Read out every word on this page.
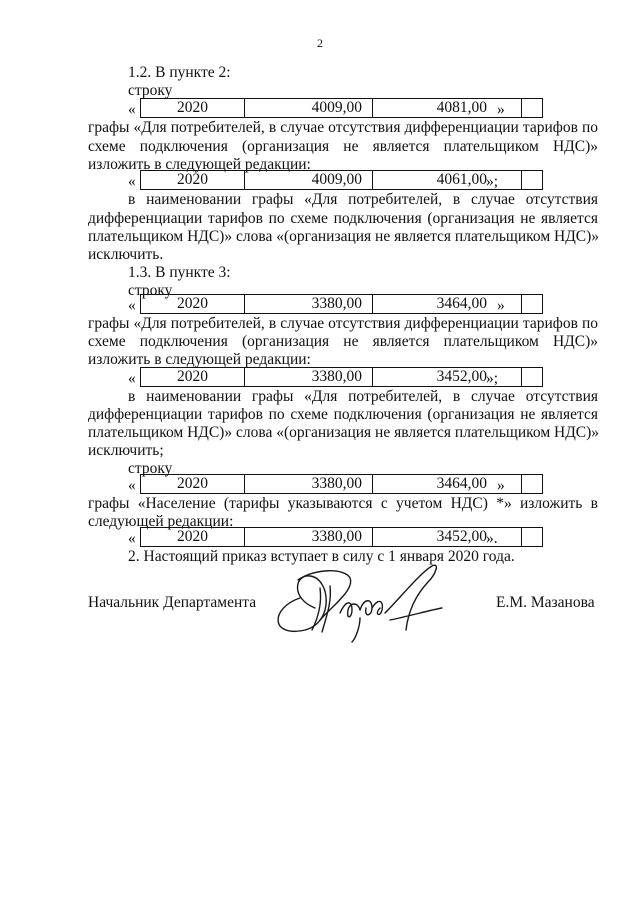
2
1.2. В пункте 2:
строку
«	2020	4009,00	4081,00	»
графы «Для потребителей, в случае отсутствия дифференциации тарифов по
схеме подключения (организация не является плательщиком НДС)»
изложить в следующей редакции:
«	2020	4009,00	4061,00	»;
в наименовании графы «Для потребителей, в случае отсутствия
дифференциации тарифов по схеме подключения (организация не является
плательщиком НДС)» слова «(организация не является плательщиком НДС)»
исключить.
1.3. В пункте 3:
строку
«	2020	3380,00	3464,00	»
графы «Для потребителей, в случае отсутствия дифференциации тарифов по
схеме подключения (организация не является плательщиком НДС)»
изложить в следующей редакции:
«	2020	3380,00	3452,00	»;
в наименовании графы «Для потребителей, в случае отсутствия
дифференциации тарифов по схеме подключения (организация не является
плательщиком НДС)» слова «(организация не является плательщиком НДС)»
исключить;
строку
«	2020	3380,00	3464,00	»
графы «Население (тарифы указываются с учетом НДС) *» изложить в
следующей редакции:
«	2020	3380,00	3452,00	».
2. Настоящий приказ вступает в силу с 1 января 2020 года.
Начальник Департамента	Е.М. Мазанова
